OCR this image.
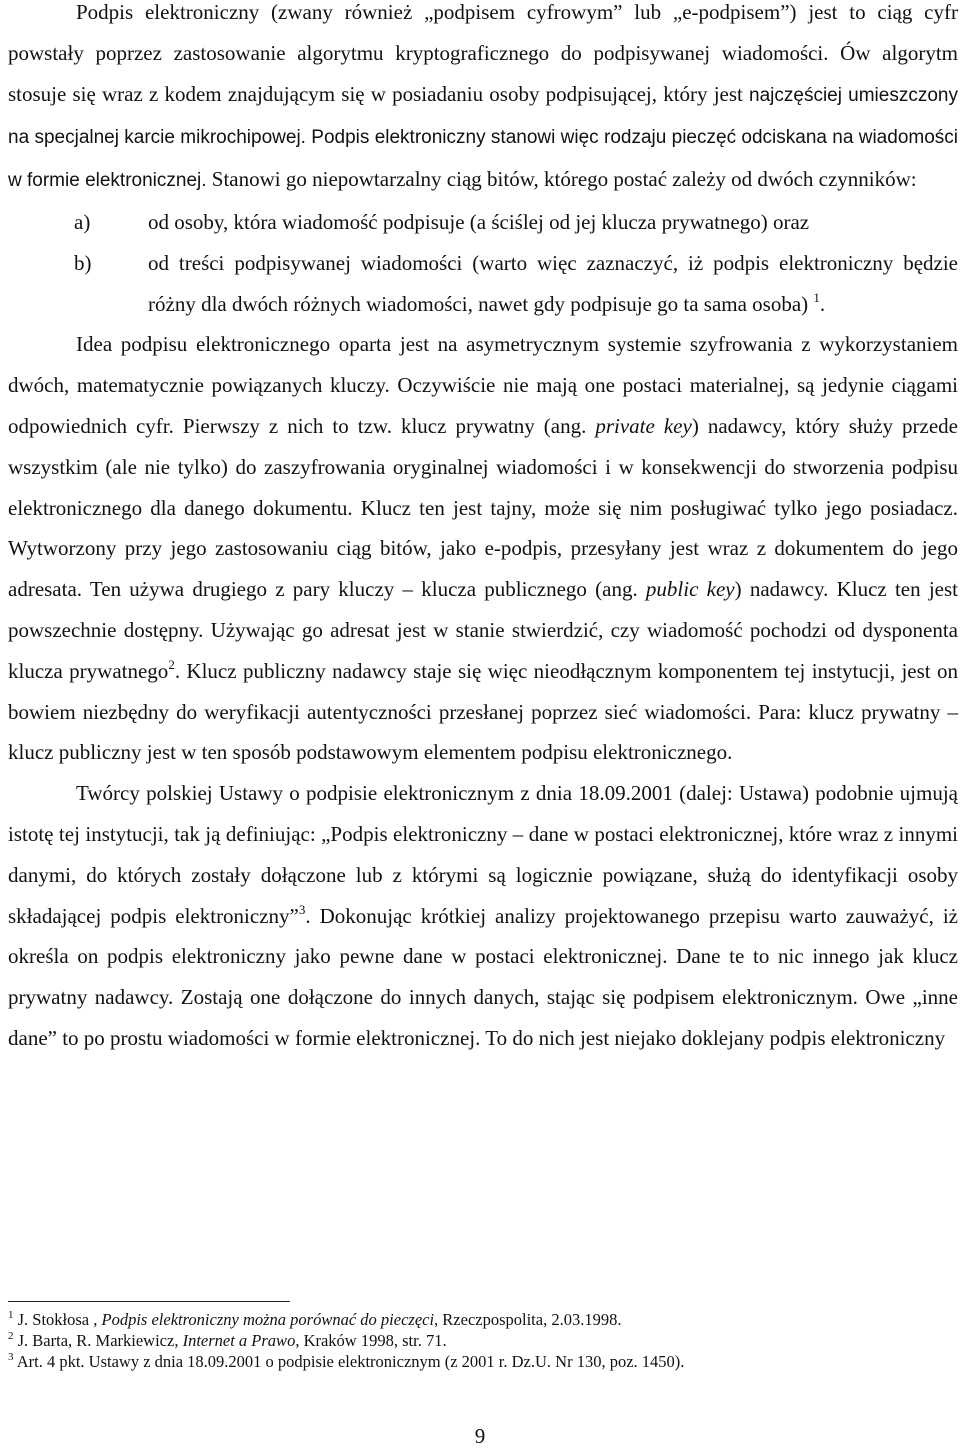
Podpis elektroniczny (zwany również „podpisem cyfrowym” lub „e-podpisem”) jest to ciąg cyfr powstały poprzez zastosowanie algorytmu kryptograficznego do podpisywanej wiadomości. Ów algorytm stosuje się wraz z kodem znajdującym się w posiadaniu osoby podpisującej, który jest najczęściej umieszczony na specjalnej karcie mikrochipowej. Podpis elektroniczny stanowi więc rodzaju pieczęć odciskana na wiadomości w formie elektronicznej. Stanowi go niepowtarzalny ciąg bitów, którego postać zależy od dwóch czynników:

a)	od osoby, która wiadomość podpisuje (a ściślej od jej klucza prywatnego) oraz
b)	od treści podpisywanej wiadomości (warto więc zaznaczyć, iż podpis elektroniczny będzie różny dla dwóch różnych wiadomości, nawet gdy podpisuje go ta sama osoba) $^1$.

Idea podpisu elektronicznego oparta jest na asymetrycznym systemie szyfrowania z wykorzystaniem dwóch, matematycznie powiązanych kluczy. Oczywiście nie mają one postaci materialnej, są jedynie ciągami odpowiednich cyfr. Pierwszy z nich to tzw. klucz prywatny (ang. private key) nadawcy, który służy przede wszystkim (ale nie tylko) do zaszyfrowania oryginalnej wiadomości i w konsekwencji do stworzenia podpisu elektronicznego dla danego dokumentu. Klucz ten jest tajny, może się nim posługiwać tylko jego posiadacz. Wytworzony przy jego zastosowaniu ciąg bitów, jako e-podpis, przesyłany jest wraz z dokumentem do jego adresata. Ten używa drugiego z pary kluczy – klucza publicznego (ang. public key) nadawcy. Klucz ten jest powszechnie dostępny. Używając go adresat jest w stanie stwierdzić, czy wiadomość pochodzi od dysponenta klucza prywatnego$^2$. Klucz publiczny nadawcy staje się więc nieodłącznym komponentem tej instytucji, jest on bowiem niezbędny do weryfikacji autentyczności przesłanej poprzez sieć wiadomości. Para: klucz prywatny – klucz publiczny jest w ten sposób podstawowym elementem podpisu elektronicznego.

Twórcy polskiej Ustawy o podpisie elektronicznym z dnia 18.09.2001 (dalej: Ustawa) podobnie ujmują istotę tej instytucji, tak ją definiując: „Podpis elektroniczny – dane w postaci elektronicznej, które wraz z innymi danymi, do których zostały dołączone lub z którymi są logicznie powiązane, służą do identyfikacji osoby składającej podpis elektroniczny”$^3$. Dokonując krótkiej analizy projektowanego przepisu warto zauważyć, iż określa on podpis elektroniczny jako pewne dane w postaci elektronicznej. Dane te to nic innego jak klucz prywatny nadawcy. Zostają one dołączone do innych danych, stając się podpisem elektronicznym. Owe „inne dane” to po prostu wiadomości w formie elektronicznej. To do nich jest niejako doklejany podpis elektroniczny

$^1$ J. Stokłosa , Podpis elektroniczny można porównać do pieczęci, Rzeczpospolita, 2.03.1998.

$^2$ J. Barta, R. Markiewicz, Internet a Prawo, Kraków 1998, str. 71.

$^3$ Art. 4 pkt. Ustawy z dnia 18.09.2001 o podpisie elektronicznym (z 2001 r. Dz.U. Nr 130, poz. 1450).

9
